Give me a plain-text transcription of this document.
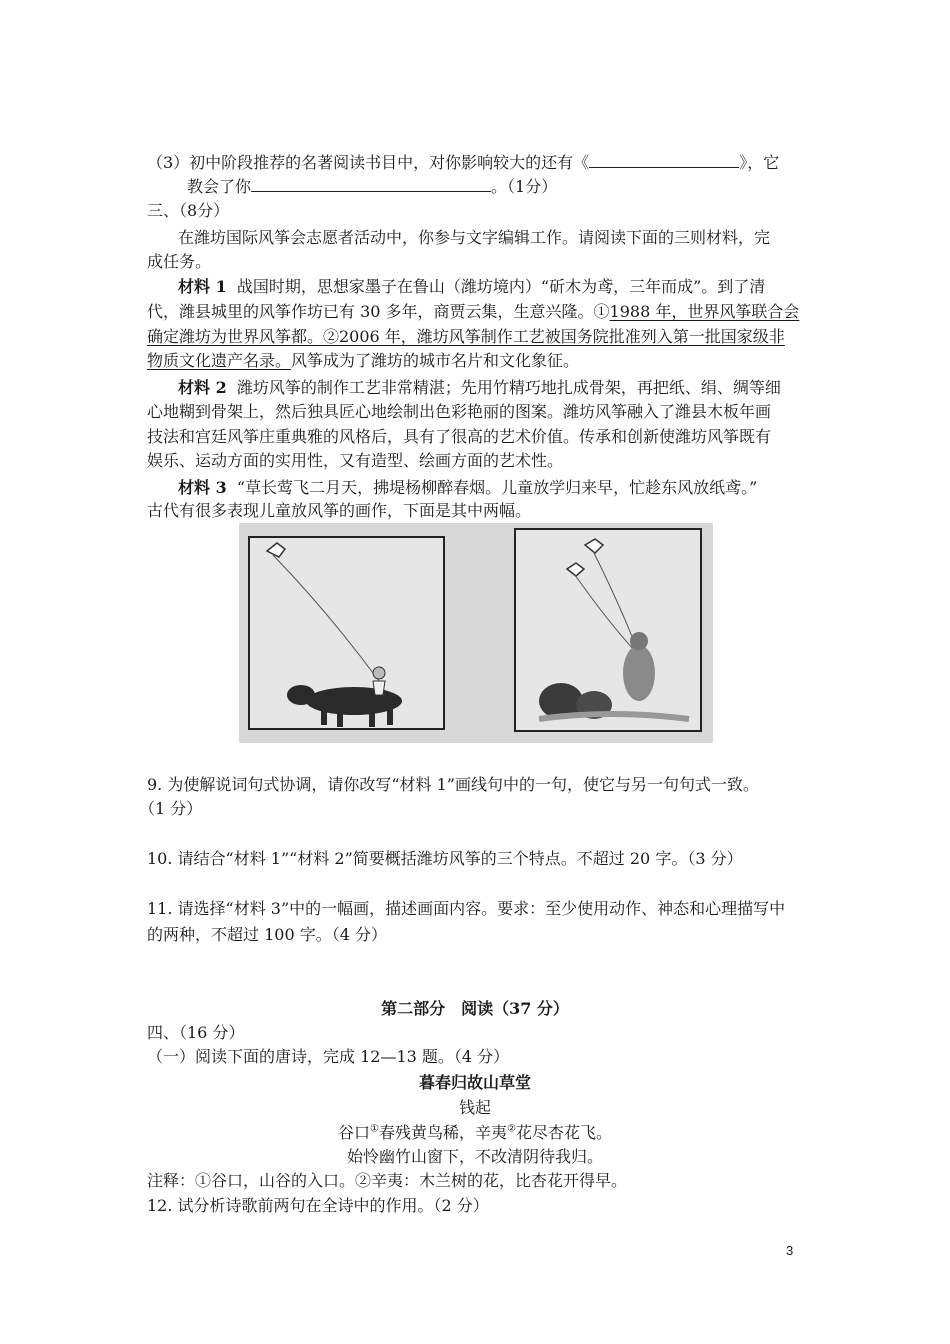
（3）初中阶段推荐的名著阅读书目中，对你影响较大的还有《	》，它
教会了你	。（1分）
三、（8分）
在潍坊国际风筝会志愿者活动中，你参与文字编辑工作。请阅读下面的三则材料，完
成任务。
材料 1 战国时期，思想家墨子在鲁山（潍坊境内）“斫木为鸢，三年而成”。到了清
代，潍县城里的风筝作坊已有 30 多年，商贾云集，生意兴隆。①1988 年，世界风筝联合会
确定潍坊为世界风筝都。②2006 年，潍坊风筝制作工艺被国务院批准列入第一批国家级非
物质文化遗产名录。风筝成为了潍坊的城市名片和文化象征。
材料 2 潍坊风筝的制作工艺非常精湛；先用竹精巧地扎成骨架，再把纸、绢、绸等细
心地糊到骨架上，然后独具匠心地绘制出色彩艳丽的图案。潍坊风筝融入了潍县木板年画
技法和宫廷风筝庄重典雅的风格后，具有了很高的艺术价值。传承和创新使潍坊风筝既有
娱乐、运动方面的实用性，又有造型、绘画方面的艺术性。
材料 3 “草长莺飞二月天，拂堤杨柳醉春烟。儿童放学归来早，忙趁东风放纸鸢。”
古代有很多表现儿童放风筝的画作，下面是其中两幅。
9. 为使解说词句式协调，请你改写“材料 1”画线句中的一句，使它与另一句句式一致。
（1 分）
10. 请结合“材料 1”“材料 2”简要概括潍坊风筝的三个特点。不超过 20 字。（3 分）
11. 请选择“材料 3”中的一幅画，描述画面内容。要求：至少使用动作、神态和心理描写中
的两种，不超过 100 字。（4 分）
第二部分　阅读（37 分）
四、（16 分）
（一）阅读下面的唐诗，完成 12—13 题。（4 分）
暮春归故山草堂
钱起
谷口①春残黄鸟稀，辛夷②花尽杏花飞。
始怜幽竹山窗下，不改清阴待我归。
注释：①谷口，山谷的入口。②辛夷：木兰树的花，比杏花开得早。
12. 试分析诗歌前两句在全诗中的作用。（2 分）
3
